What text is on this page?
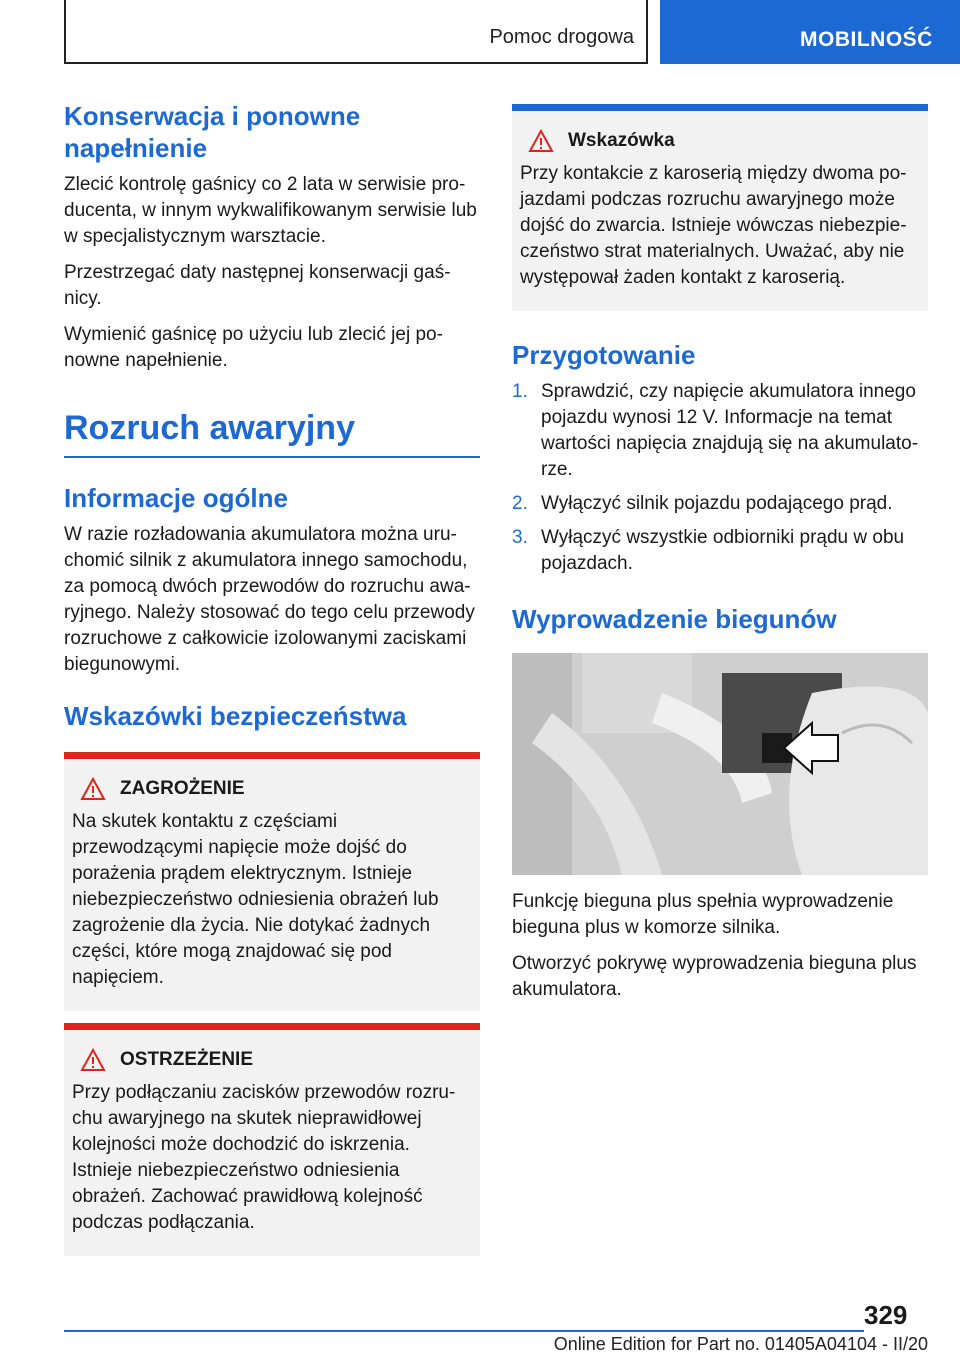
Pomoc drogowa	MOBILNOŚĆ
Konserwacja i ponowne napełnienie

Zlecić kontrolę gaśnicy co 2 lata w serwisie producenta, w innym wykwalifikowanym serwisie lub w specjalistycznym warsztacie.

Przestrzegać daty następnej konserwacji gaśnicy.

Wymienić gaśnicę po użyciu lub zlecić jej ponowne napełnienie.

Rozruch awaryjny
Informacje ogólne

W razie rozładowania akumulatora można uruchomić silnik z akumulatora innego samochodu, za pomocą dwóch przewodów do rozruchu awaryjnego. Należy stosować do tego celu przewody rozruchowe z całkowicie izolowanymi zaciskami biegunowymi.

Wskazówki bezpieczeństwa
ZAGROŻENIE

Na skutek kontaktu z częściami przewodzącymi napięcie może dojść do porażenia prądem elektrycznym. Istnieje niebezpieczeństwo odniesienia obrażeń lub zagrożenie dla życia. Nie dotykać żadnych części, które mogą znajdować się pod napięciem.

OSTRZEŻENIE

Przy podłączaniu zacisków przewodów rozruchu awaryjnego na skutek nieprawidłowej kolejności może dochodzić do iskrzenia. Istnieje niebezpieczeństwo odniesienia obrażeń. Zachować prawidłową kolejność podczas podłączania.

Wskazówka

Przy kontakcie z karoserią między dwoma pojazdami podczas rozruchu awaryjnego może dojść do zwarcia. Istnieje wówczas niebezpieczeństwo strat materialnych. Uważać, aby nie występował żaden kontakt z karoserią.

Przygotowanie
1. Sprawdzić, czy napięcie akumulatora innego pojazdu wynosi 12 V. Informacje na temat wartości napięcia znajdują się na akumulatorze.
2. Wyłączyć silnik pojazdu podającego prąd.
3. Wyłączyć wszystkie odbiorniki prądu w obu pojazdach.
Wyprowadzenie biegunów

Funkcję bieguna plus spełnia wyprowadzenie bieguna plus w komorze silnika.

Otworzyć pokrywę wyprowadzenia bieguna plus akumulatora.

329
Online Edition for Part no. 01405A04104 - II/20
